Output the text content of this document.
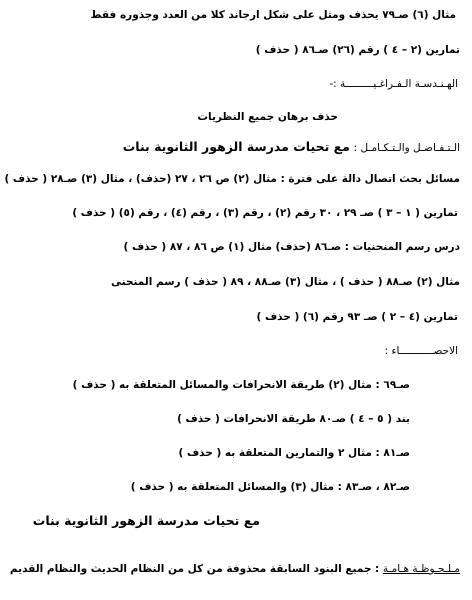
مثال (٦) صـ٧٩ يحذف ومثل على شكل ارجاند كلا من العدد وجذوره فقط
تمارين (٢ – ٤ ) رقم (٢٦) صـ٨٦ ( حذف )
الهـنـدسـة الـفـراغـيـــــــــة :-
حذف برهان جميع النظريات
الـتـفـاضـل والـتـكـامـل : مع تحيات مدرسة الزهور الثانوية بنات
مسائل بحث اتصال دالة على فترة : مثال (٢) ص ٢٦ ، ٢٧ (حذف) ، مثال (٣) صـ٢٨ ( حذف )
تمارين ( ١ – ٣ ) صـ ٢٩ ، ٣٠ رقم (٢) ، رقم (٣) ، رقم (٤) ، رقم (٥) ( حذف )
درس رسم المنحنيات : صـ٨٦ (حذف) مثال (١) ص ٨٦ ، ٨٧ ( حذف )
مثال (٢) صـ٨٨ ( حذف ) ، مثال (٣) صـ٨٨ ، ٨٩ ( حذف ) رسم المنحنى
تمارين (٤ – ٢ ) صـ ٩٣ رقم (٦) ( حذف )
الاحصـــــــــــاء :
صـ٦٩ : مثال (٢) طريقة الانحرافات والمسائل المتعلقة به ( حذف )
بند ( ٥ – ٤ ) صـ٨٠ طريقة الانحرافات ( حذف )
صـ٨١ : مثال ٢ والتمارين المتعلقة به ( حذف )
صـ٨٢ ، صـ٨٣ : مثال (٣) والمسائل المتعلقة به ( حذف )
مع تحيات مدرسة الزهور الثانوية بنات
مـلـحـوظـة هـامـة : جميع البنود السابقة محذوفة من كل من النظام الحديث والنظام القديم
